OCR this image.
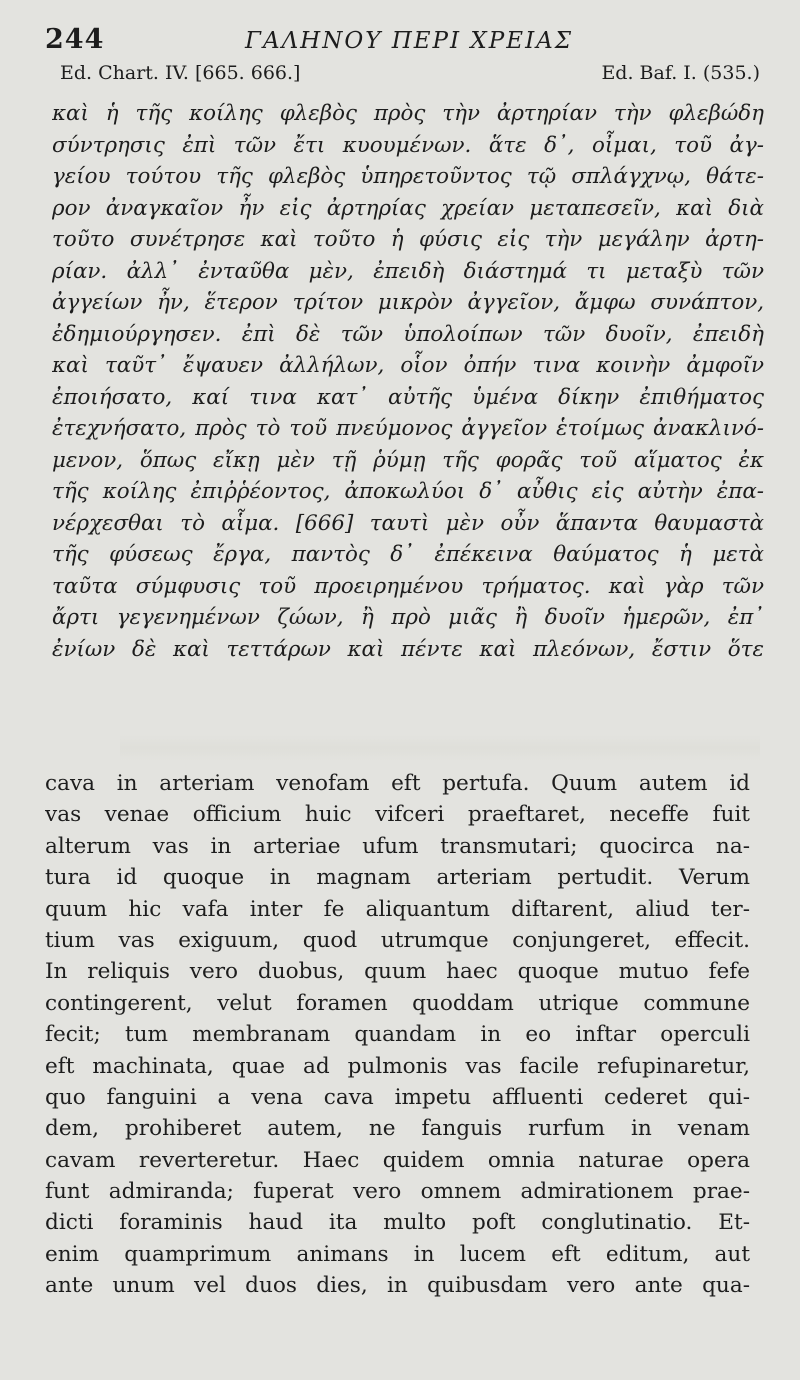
244	ΓΑΛΗΝΟΥ ΠΕΡΙ ΧΡΕΙΑΣ
Ed. Chart. IV. [665. 666.]	Ed. Baf. I. (535.)
καὶ ἡ τῆς κοίλης φλεβὸς πρὸς τὴν ἀρτηρίαν τὴν φλεβώδη
σύντρησις ἐπὶ τῶν ἔτι κυουμένων. ἅτε δ᾽, οἶμαι, τοῦ ἀγ-
γείου τούτου τῆς φλεβὸς ὑπηρετοῦντος τῷ σπλάγχνῳ, θάτε-
ρον ἀναγκαῖον ἦν εἰς ἀρτηρίας χρείαν μεταπεσεῖν, καὶ διὰ
τοῦτο συνέτρησε καὶ τοῦτο ἡ φύσις εἰς τὴν μεγάλην ἀρτη-
ρίαν. ἀλλ᾽ ἐνταῦθα μὲν, ἐπειδὴ διάστημά τι μεταξὺ τῶν
ἀγγείων ἦν, ἕτερον τρίτον μικρὸν ἀγγεῖον, ἄμφω συνάπτον,
ἐδημιούργησεν. ἐπὶ δὲ τῶν ὑπολοίπων τῶν δυοῖν, ἐπειδὴ
καὶ ταῦτ᾽ ἔψαυεν ἀλλήλων, οἷον ὀπήν τινα κοινὴν ἀμφοῖν
ἐποιήσατο, καί τινα κατ᾽ αὐτῆς ὑμένα δίκην ἐπιθήματος
ἐτεχνήσατο, πρὸς τὸ τοῦ πνεύμονος ἀγγεῖον ἑτοίμως ἀνακλινό-
μενον, ὅπως εἴκῃ μὲν τῇ ῥύμῃ τῆς φορᾶς τοῦ αἵματος ἐκ
τῆς κοίλης ἐπιῤῥέοντος, ἀποκωλύοι δ᾽ αὖθις εἰς αὐτὴν ἐπα-
νέρχεσθαι τὸ αἷμα. [666] ταυτὶ μὲν οὖν ἅπαντα θαυμαστὰ
τῆς φύσεως ἔργα, παντὸς δ᾽ ἐπέκεινα θαύματος ἡ μετὰ
ταῦτα σύμφυσις τοῦ προειρημένου τρήματος. καὶ γὰρ τῶν
ἄρτι γεγενημένων ζώων, ἢ πρὸ μιᾶς ἢ δυοῖν ἡμερῶν, ἐπ᾽
ἐνίων δὲ καὶ τεττάρων καὶ πέντε καὶ πλεόνων, ἔστιν ὅτε
cava in arteriam venofam eft pertufa. Quum autem id
vas venae officium huic vifceri praeftaret, neceffe fuit
alterum vas in arteriae ufum transmutari; quocirca na-
tura id quoque in magnam arteriam pertudit. Verum
quum hic vafa inter fe aliquantum diftarent, aliud ter-
tium vas exiguum, quod utrumque conjungeret, effecit.
In reliquis vero duobus, quum haec quoque mutuo fefe
contingerent, velut foramen quoddam utrique commune
fecit; tum membranam quandam in eo inftar operculi
eft machinata, quae ad pulmonis vas facile refupinaretur,
quo fanguini a vena cava impetu affluenti cederet qui-
dem, prohiberet autem, ne fanguis rurfum in venam
cavam reverteretur. Haec quidem omnia naturae opera
funt admiranda; fuperat vero omnem admirationem prae-
dicti foraminis haud ita multo poft conglutinatio. Et-
enim quamprimum animans in lucem eft editum, aut
ante unum vel duos dies, in quibusdam vero ante qua-
